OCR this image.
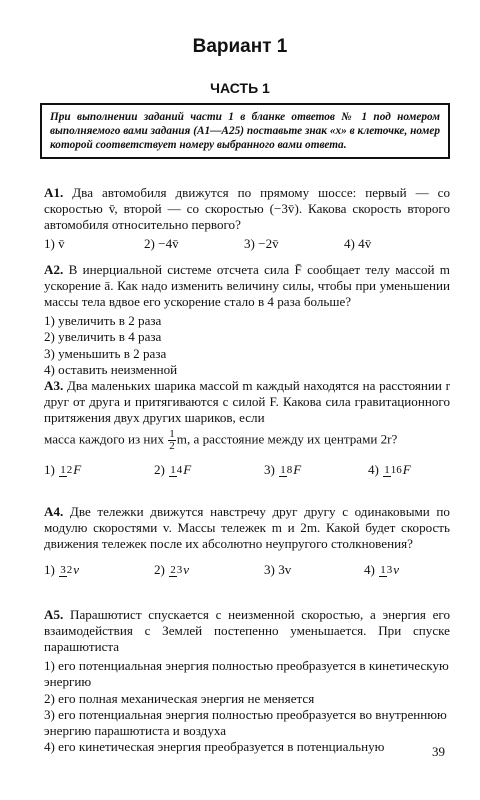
Вариант 1
ЧАСТЬ 1
При выполнении заданий части 1 в бланке ответов № 1 под номером выполняемого вами задания (А1—А25) поставьте знак «х» в клеточке, номер которой соответствует номеру выбранного вами ответа.

А1. Два автомобиля движутся по прямому шоссе: первый — со скоростью v̄, второй — со скоростью (−3v̄). Какова скорость второго автомобиля относительно первого?

1) v̄	2) −4v̄	3) −2v̄	4) 4v̄

А2. В инерциальной системе отсчета сила F̄ сообщает телу массой m ускорение ā. Как надо изменить величину силы, чтобы при уменьшении массы тела вдвое его ускорение стало в 4 раза больше?

1) увеличить в 2 раза
2) увеличить в 4 раза
3) уменьшить в 2 раза
4) оставить неизменной

А3. Два маленьких шарика массой m каждый находятся на расстоянии r друг от друга и притягиваются с силой F. Какова сила гравитационного притяжения двух других шариков, если

масса каждого из них $\frac{1}{2} m$, а расстояние между их центрами 2r?

1) 12F	2) 14F	3) 18F	4) 116F

А4. Две тележки движутся навстречу друг другу с одинаковыми по модулю скоростями v. Массы тележек m и 2m. Какой будет скорость движения тележек после их абсолютно неупругого столкновения?

1) 32v	2) 23v	3) 3v	4) 13v

А5. Парашютист спускается с неизменной скоростью, а энергия его взаимодействия с Землей постепенно уменьшается. При спуске парашютиста

1) его потенциальная энергия полностью преобразуется в кинетическую энергию
2) его полная механическая энергия не меняется
3) его потенциальная энергия полностью преобразуется во внутреннюю энергию парашютиста и воздуха
4) его кинетическая энергия преобразуется в потенциальную	39
